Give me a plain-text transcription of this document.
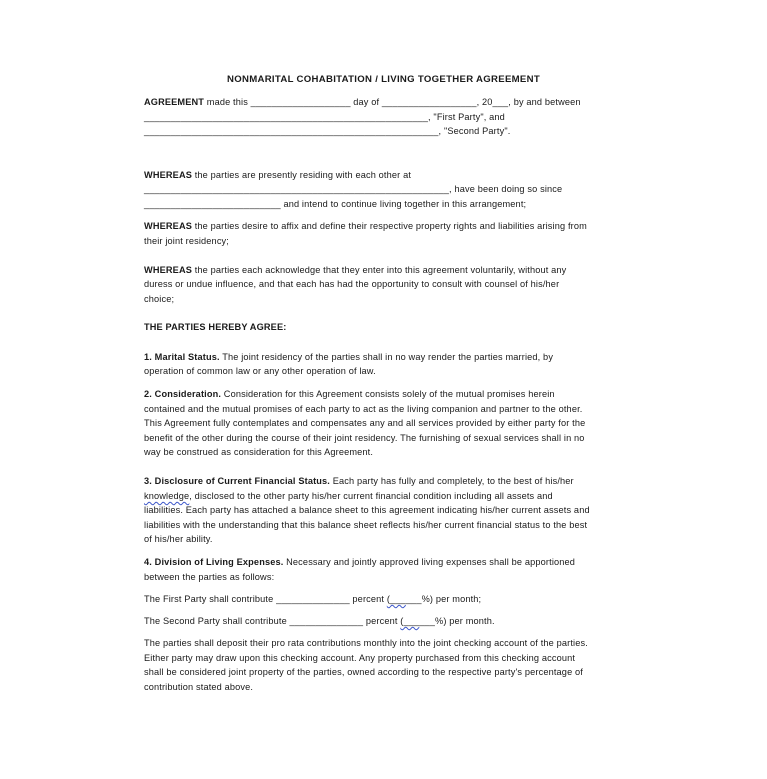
NONMARITAL COHABITATION / LIVING TOGETHER AGREEMENT
AGREEMENT made this ___________________ day of __________________, 20___, by and between
______________________________________________________, "First Party", and
________________________________________________________, "Second Party".
WHEREAS the parties are presently residing with each other at
__________________________________________________________, have been doing so since
__________________________ and intend to continue living together in this arrangement;
WHEREAS the parties desire to affix and define their respective property rights and liabilities arising from
their joint residency;
WHEREAS the parties each acknowledge that they enter into this agreement voluntarily, without any
duress or undue influence, and that each has had the opportunity to consult with counsel of his/her
choice;
THE PARTIES HEREBY AGREE:
1. Marital Status. The joint residency of the parties shall in no way render the parties married, by
operation of common law or any other operation of law.
2. Consideration. Consideration for this Agreement consists solely of the mutual promises herein
contained and the mutual promises of each party to act as the living companion and partner to the other.
This Agreement fully contemplates and compensates any and all services provided by either party for the
benefit of the other during the course of their joint residency. The furnishing of sexual services shall in no
way be construed as consideration for this Agreement.
3. Disclosure of Current Financial Status. Each party has fully and completely, to the best of his/her
knowledge, disclosed to the other party his/her current financial condition including all assets and
liabilities. Each party has attached a balance sheet to this agreement indicating his/her current assets and
liabilities with the understanding that this balance sheet reflects his/her current financial status to the best
of his/her ability.
4. Division of Living Expenses. Necessary and jointly approved living expenses shall be apportioned
between the parties as follows:
The First Party shall contribute ______________ percent (______%) per month;
The Second Party shall contribute ______________ percent (______%) per month.
The parties shall deposit their pro rata contributions monthly into the joint checking account of the parties.
Either party may draw upon this checking account. Any property purchased from this checking account
shall be considered joint property of the parties, owned according to the respective party's percentage of
contribution stated above.
